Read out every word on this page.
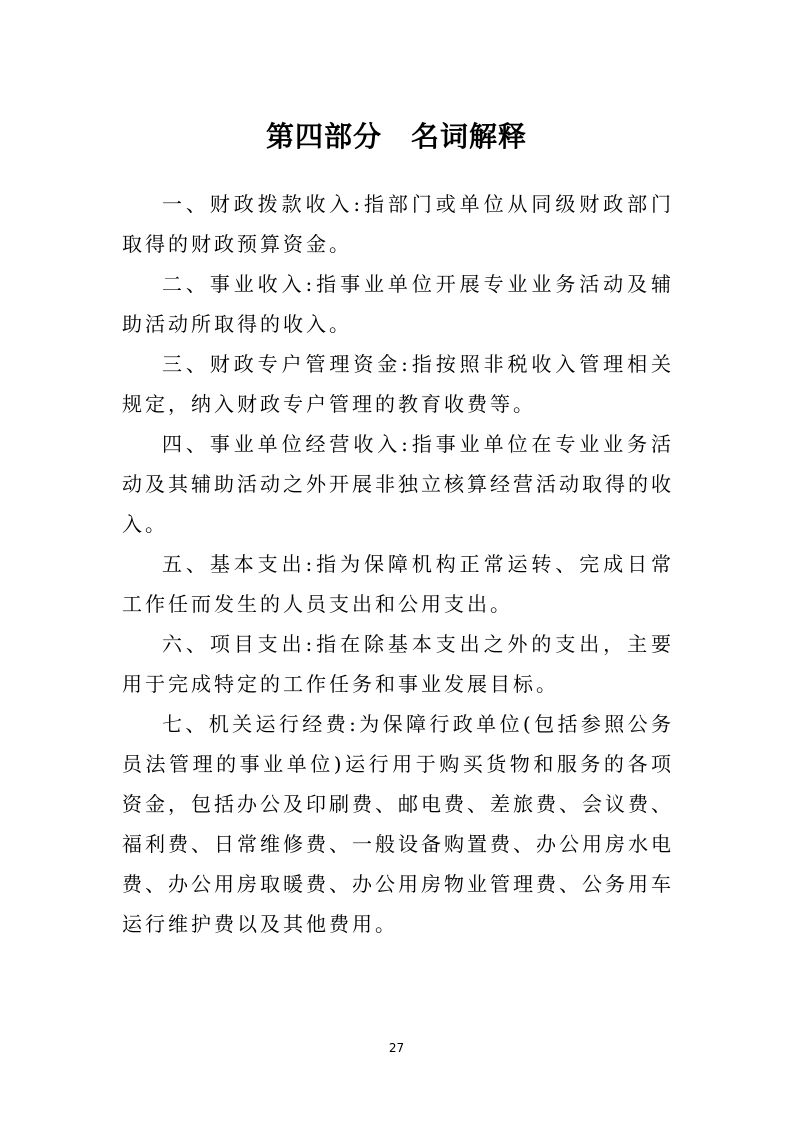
第四部分　名词解释

一、财政拨款收入:指部门或单位从同级财政部门取得的财政预算资金。

二、事业收入:指事业单位开展专业业务活动及辅助活动所取得的收入。

三、财政专户管理资金:指按照非税收入管理相关规定，纳入财政专户管理的教育收费等。

四、事业单位经营收入:指事业单位在专业业务活动及其辅助活动之外开展非独立核算经营活动取得的收入。

五、基本支出:指为保障机构正常运转、完成日常工作任而发生的人员支出和公用支出。

六、项目支出:指在除基本支出之外的支出，主要用于完成特定的工作任务和事业发展目标。

七、机关运行经费:为保障行政单位(包括参照公务员法管理的事业单位)运行用于购买货物和服务的各项资金，包括办公及印刷费、邮电费、差旅费、会议费、福利费、日常维修费、一般设备购置费、办公用房水电费、办公用房取暖费、办公用房物业管理费、公务用车运行维护费以及其他费用。

27
